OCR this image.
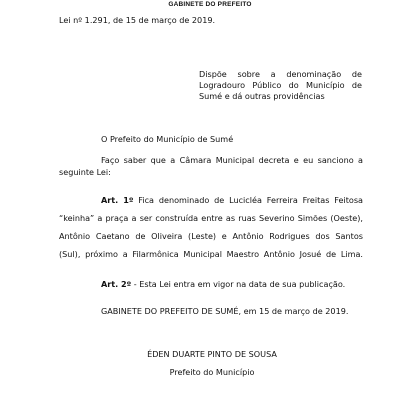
GABINETE DO PREFEITO
Lei nº 1.291, de 15 de março de 2019.
Dispõe sobre a denominação de
Logradouro Público do Município de
Sumé e dá outras providências
O Prefeito do Município de Sumé
Faço saber que a Câmara Municipal decreta e eu sanciono a
seguinte Lei:
Art. 1º Fica denominado de Lucicléa Ferreira Freitas Feitosa
“keinha” a praça a ser construída entre as ruas Severino Simões (Oeste),
Antônio Caetano de Oliveira (Leste) e Antônio Rodrigues dos Santos
(Sul), próximo a Filarmônica Municipal Maestro Antônio Josué de Lima.
Art. 2º - Esta Lei entra em vigor na data de sua publicação.
GABINETE DO PREFEITO DE SUMÉ, em 15 de março de 2019.
ÉDEN DUARTE PINTO DE SOUSA
Prefeito do Município
